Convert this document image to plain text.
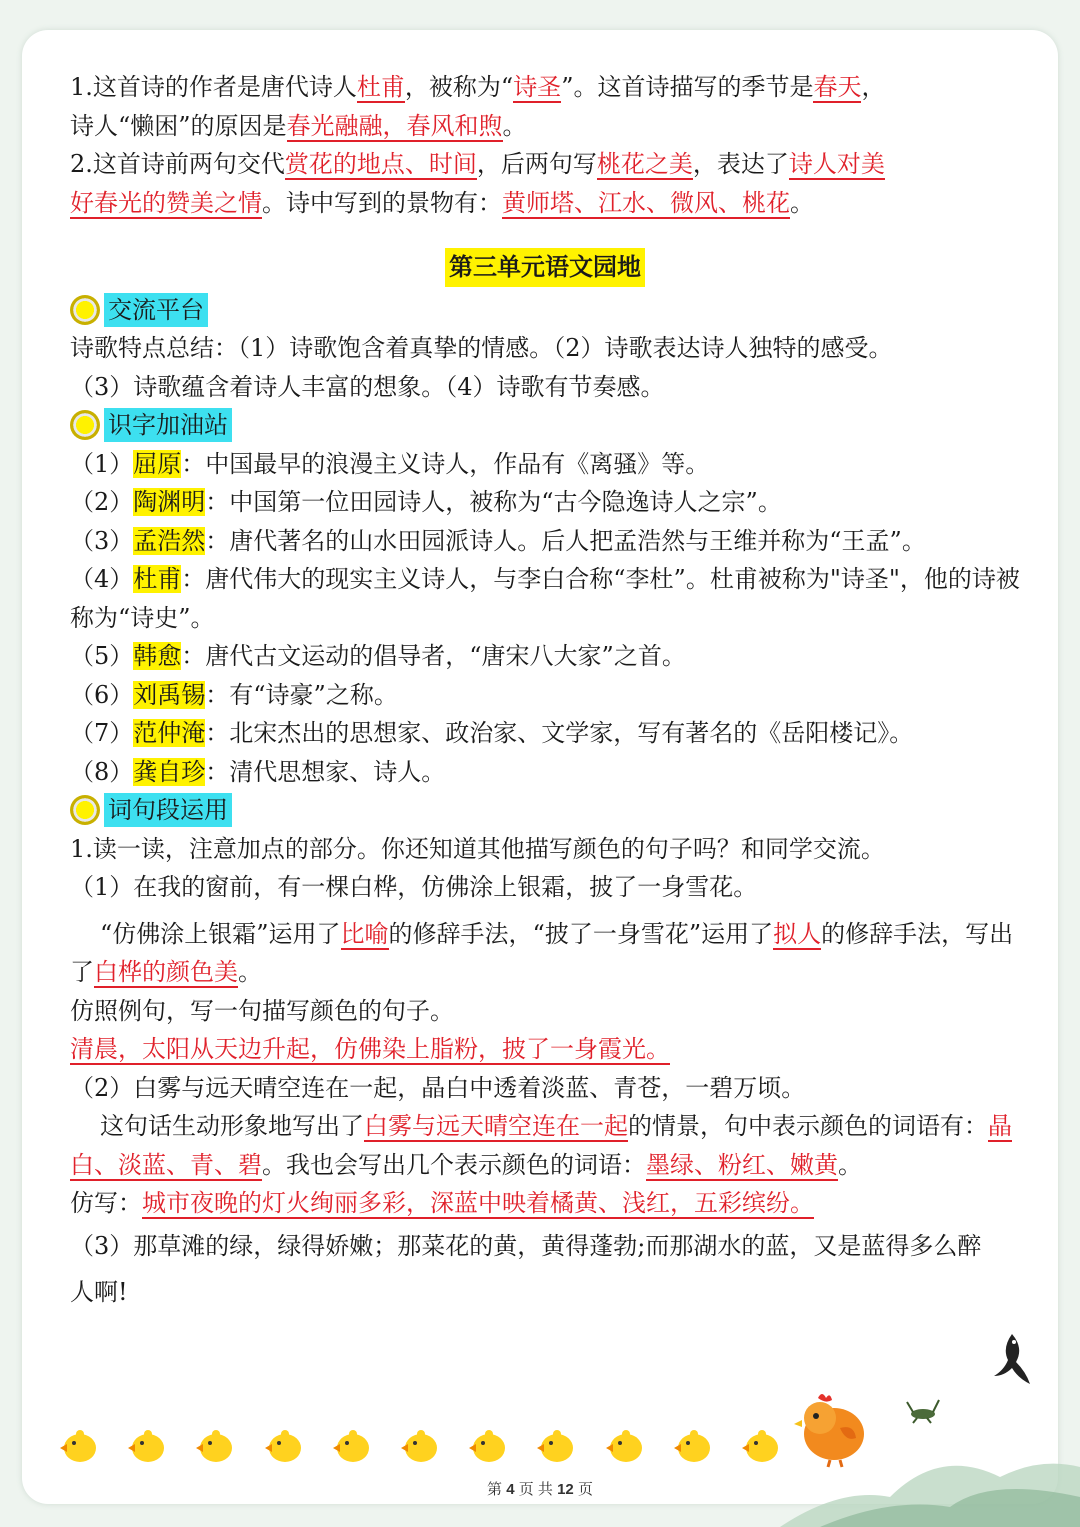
1.这首诗的作者是唐代诗人杜甫，被称为“诗圣”。这首诗描写的季节是春天，
诗人“懒困”的原因是春光融融，春风和煦。

2.这首诗前两句交代赏花的地点、时间，后两句写桃花之美，表达了诗人对美
好春光的赞美之情。诗中写到的景物有：黄师塔、江水、微风、桃花。

第三单元语文园地

交流平台

诗歌特点总结：（1）诗歌饱含着真挚的情感。（2）诗歌表达诗人独特的感受。

（3）诗歌蕴含着诗人丰富的想象。（4）诗歌有节奏感。

识字加油站

（1）屈原：中国最早的浪漫主义诗人，作品有《离骚》等。

（2）陶渊明：中国第一位田园诗人，被称为“古今隐逸诗人之宗”。

（3）孟浩然：唐代著名的山水田园派诗人。后人把孟浩然与王维并称为“王孟”。

（4）杜甫：唐代伟大的现实主义诗人，与李白合称“李杜”。杜甫被称为"诗圣"，他的诗被称为“诗史”。

（5）韩愈：唐代古文运动的倡导者，“唐宋八大家”之首。

（6）刘禹锡：有“诗豪”之称。

（7）范仲淹：北宋杰出的思想家、政治家、文学家，写有著名的《岳阳楼记》。

（8）龚自珍：清代思想家、诗人。

词句段运用

1.读一读，注意加点的部分。你还知道其他描写颜色的句子吗？和同学交流。

（1）在我的窗前，有一棵白桦，仿佛涂上银霜，披了一身雪花。

“仿佛涂上银霜”运用了比喻的修辞手法，“披了一身雪花”运用了拟人的修辞手法，写出了白桦的颜色美。

仿照例句，写一句描写颜色的句子。

清晨，太阳从天边升起，仿佛染上脂粉，披了一身霞光。

（2）白雾与远天晴空连在一起，晶白中透着淡蓝、青苍，一碧万顷。

这句话生动形象地写出了白雾与远天晴空连在一起的情景，句中表示颜色的词语有：晶白、淡蓝、青、碧。我也会写出几个表示颜色的词语：墨绿、粉红、嫩黄。

仿写：城市夜晚的灯火绚丽多彩，深蓝中映着橘黄、浅红，五彩缤纷。

（3）那草滩的绿，绿得娇嫩；那菜花的黄，黄得蓬勃;而那湖水的蓝，又是蓝得多么醉人啊!

第 4 页 共 12 页
